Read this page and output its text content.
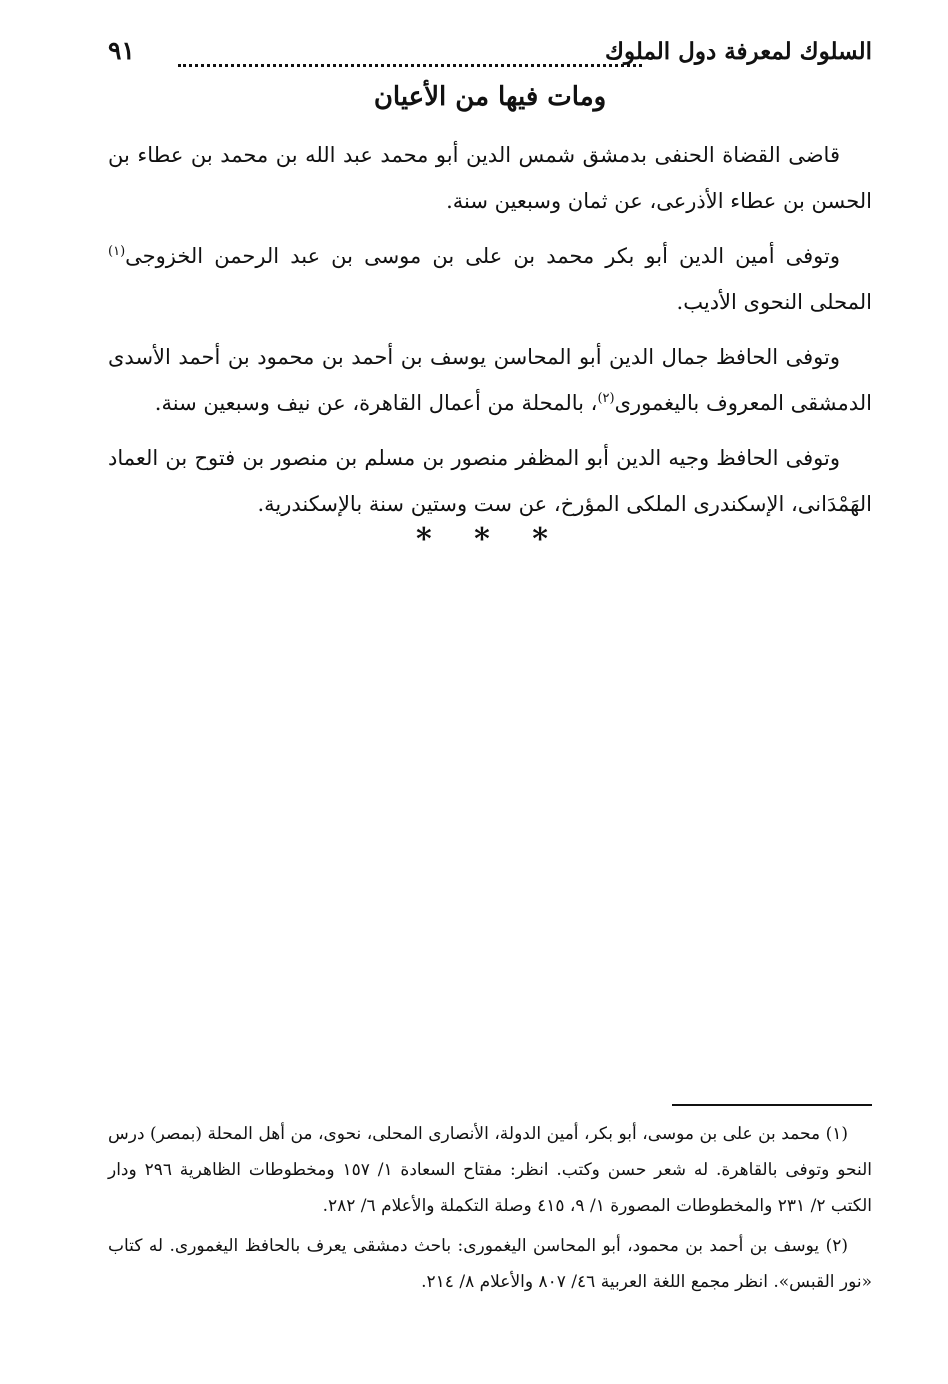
السلوك لمعرفة دول الملوك
٩١
ومات فيها من الأعيان

قاضى القضاة الحنفى بدمشق شمس الدين أبو محمد عبد الله بن محمد بن عطاء بن الحسن بن عطاء الأذرعى، عن ثمان وسبعين سنة.

وتوفى أمين الدين أبو بكر محمد بن على بن موسى بن عبد الرحمن الخزوجى$^{(١)}$ المحلى النحوى الأديب.

وتوفى الحافظ جمال الدين أبو المحاسن يوسف بن أحمد بن محمود بن أحمد الأسدى الدمشقى المعروف باليغمورى$^{(٢)}$، بالمحلة من أعمال القاهرة، عن نيف وسبعين سنة.

وتوفى الحافظ وجيه الدين أبو المظفر منصور بن مسلم بن منصور بن فتوح بن العماد الهَمْدَانى، الإسكندرى الملكى المؤرخ، عن ست وستين سنة بالإسكندرية.

* * *

(١) محمد بن على بن موسى، أبو بكر، أمين الدولة، الأنصارى المحلى، نحوى، من أهل المحلة (بمصر) درس النحو وتوفى بالقاهرة. له شعر حسن وكتب. انظر: مفتاح السعادة ١/ ١٥٧ ومخطوطات الظاهرية ٢٩٦ ودار الكتب ٢/ ٢٣١ والمخطوطات المصورة ١/ ٩، ٤١٥ وصلة التكملة والأعلام ٦/ ٢٨٢.

(٢) يوسف بن أحمد بن محمود، أبو المحاسن اليغمورى: باحث دمشقى يعرف بالحافظ اليغمورى. له كتاب «نور القبس». انظر مجمع اللغة العربية ٤٦/ ٨٠٧ والأعلام ٨/ ٢١٤.
